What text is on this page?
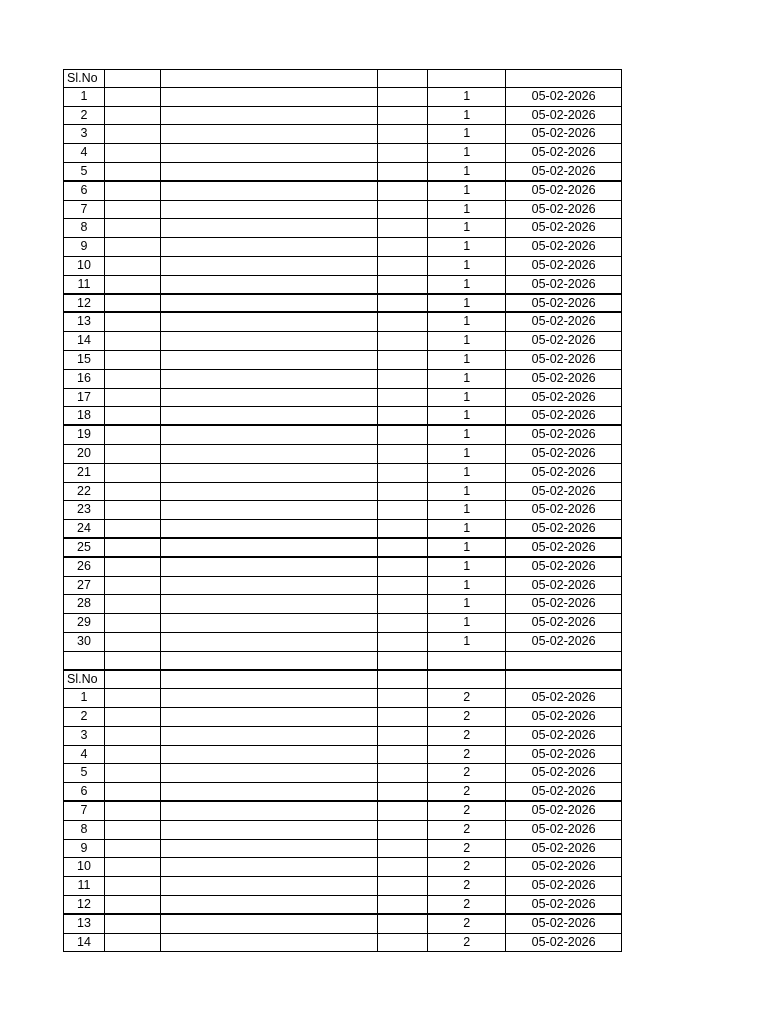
Sl.No
1	1	05-02-2026
2	1	05-02-2026
3	1	05-02-2026
4	1	05-02-2026
5	1	05-02-2026
6	1	05-02-2026
7	1	05-02-2026
8	1	05-02-2026
9	1	05-02-2026
10	1	05-02-2026
11	1	05-02-2026
12	1	05-02-2026
13	1	05-02-2026
14	1	05-02-2026
15	1	05-02-2026
16	1	05-02-2026
17	1	05-02-2026
18	1	05-02-2026
19	1	05-02-2026
20	1	05-02-2026
21	1	05-02-2026
22	1	05-02-2026
23	1	05-02-2026
24	1	05-02-2026
25	1	05-02-2026
26	1	05-02-2026
27	1	05-02-2026
28	1	05-02-2026
29	1	05-02-2026
30	1	05-02-2026
Sl.No
1	2	05-02-2026
2	2	05-02-2026
3	2	05-02-2026
4	2	05-02-2026
5	2	05-02-2026
6	2	05-02-2026
7	2	05-02-2026
8	2	05-02-2026
9	2	05-02-2026
10	2	05-02-2026
11	2	05-02-2026
12	2	05-02-2026
13	2	05-02-2026
14	2	05-02-2026
